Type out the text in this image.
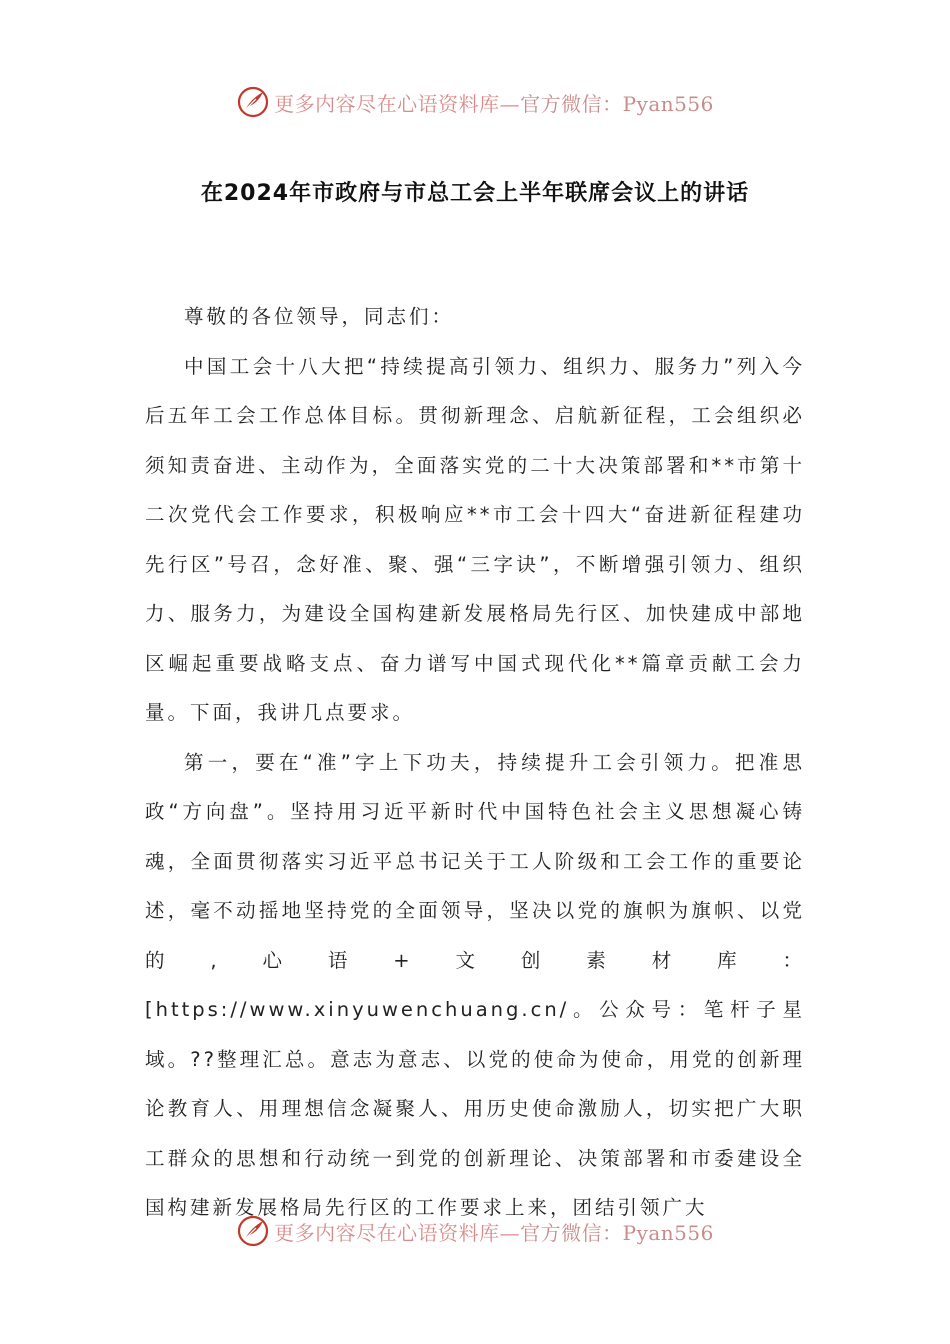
更多内容尽在心语资料库—官方微信：Pyan556
在2024年市政府与市总工会上半年联席会议上的讲话

尊敬的各位领导，同志们：

中国工会十八大把“持续提高引领力、组织力、服务力”列入今后五年工会工作总体目标。贯彻新理念、启航新征程，工会组织必须知责奋进、主动作为，全面落实党的二十大决策部署和**市第十二次党代会工作要求，积极响应**市工会十四大“奋进新征程建功先行区”号召，念好准、聚、强“三字诀”，不断增强引领力、组织力、服务力，为建设全国构建新发展格局先行区、加快建成中部地区崛起重要战略支点、奋力谱写中国式现代化**篇章贡献工会力量。下面，我讲几点要求。

第一，要在“准”字上下功夫，持续提升工会引领力。把准思政“方向盘”。坚持用习近平新时代中国特色社会主义思想凝心铸魂，全面贯彻落实习近平总书记关于工人阶级和工会工作的重要论述，毫不动摇地坚持党的全面领导，坚决以党的旗帜为旗帜、以党的,心语+文创素材库：[https://www.xinyuwenchuang.cn/。公众号：笔杆子星域。??整理汇总。意志为意志、以党的使命为使命，用党的创新理论教育人、用理想信念凝聚人、用历史使命激励人，切实把广大职工群众的思想和行动统一到党的创新理论、决策部署和市委建设全国构建新发展格局先行区的工作要求上来，团结引领广大

更多内容尽在心语资料库—官方微信：Pyan556
